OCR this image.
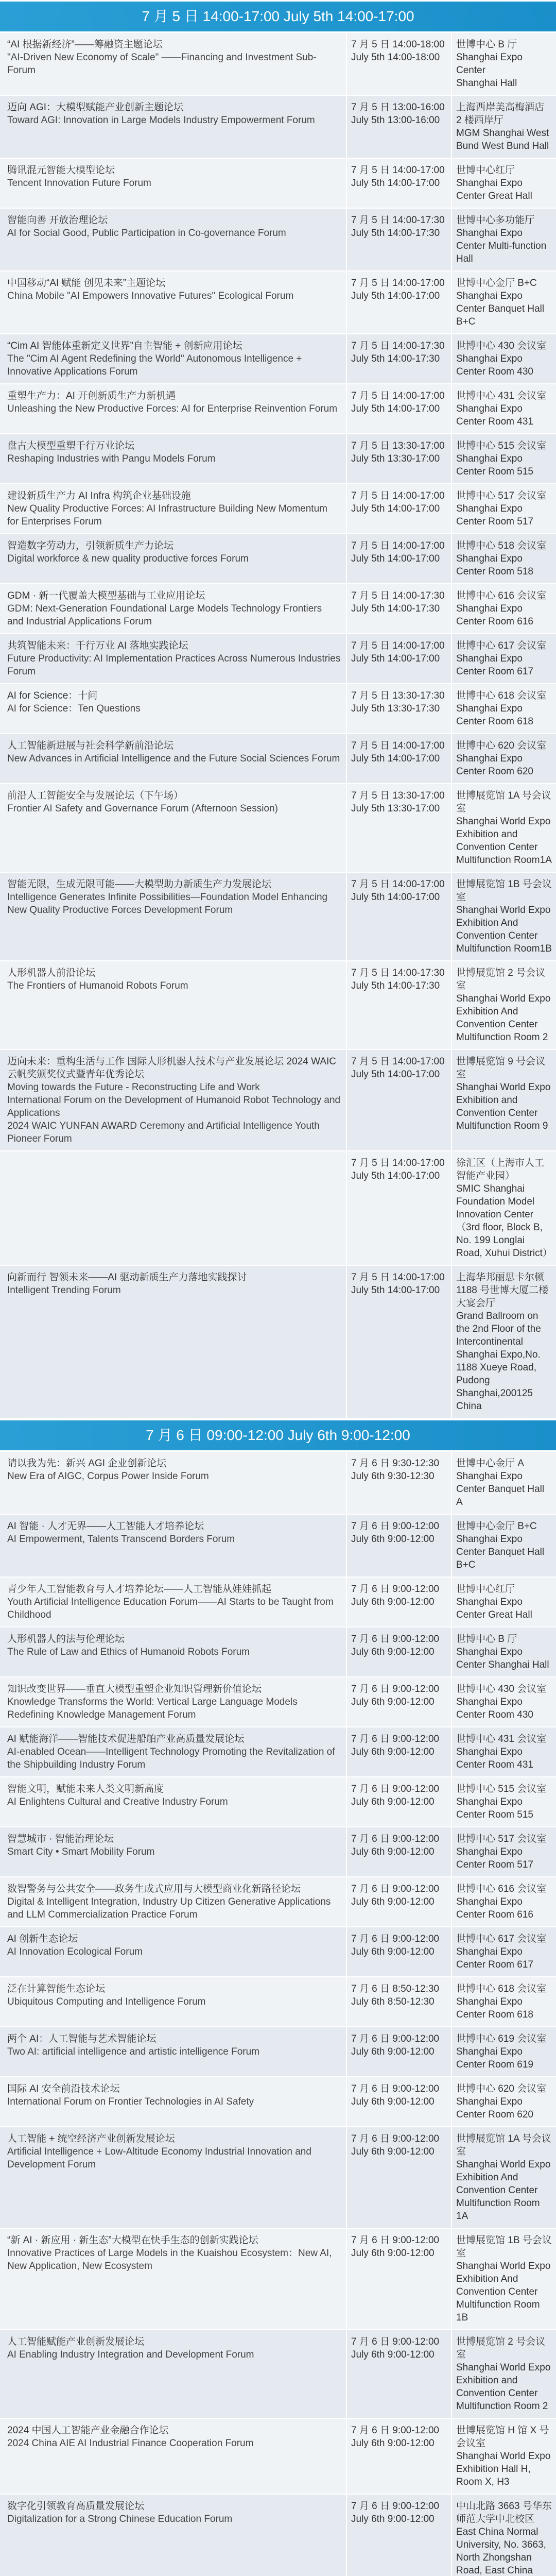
7 月 5 日 14:00-17:00 July 5th 14:00-17:00
“AI 根据新经济”——筹融资主题论坛
"AI-Driven New Economy of Scale" ——Financing and Investment Sub-Forum
7 月 5 日 14:00-18:00
July 5th 14:00-18:00
世博中心 B 厅
Shanghai Expo Center
Shanghai Hall
迈向 AGI：大模型赋能产业创新主题论坛
Toward AGI: Innovation in Large Models Industry Empowerment Forum
7 月 5 日 13:00-16:00
July 5th 13:00-16:00
上海西岸美高梅酒店 2 楼西岸厅
MGM Shanghai West Bund West Bund Hall
腾讯混元智能大模型论坛
Tencent Innovation Future Forum
7 月 5 日 14:00-17:00
July 5th 14:00-17:00
世博中心红厅
Shanghai Expo Center Great Hall
智能向善 开放治理论坛
AI for Social Good, Public Participation in Co-governance Forum
7 月 5 日 14:00-17:30
July 5th 14:00-17:30
世博中心多功能厅
Shanghai Expo Center Multi-function Hall
中国移动“AI 赋能 创见未来”主题论坛
China Mobile "AI Empowers Innovative Futures" Ecological Forum
7 月 5 日 14:00-17:00
July 5th 14:00-17:00
世博中心金厅 B+C
Shanghai Expo Center Banquet Hall B+C
“Cim AI 智能体重新定义世界”自主智能 + 创新应用论坛
The "Cim AI Agent Redefining the World" Autonomous Intelligence + Innovative Applications Forum
7 月 5 日 14:00-17:30
July 5th 14:00-17:30
世博中心 430 会议室
Shanghai Expo Center Room 430
重塑生产力：AI 开创新质生产力新机遇
Unleashing the New Productive Forces: AI for Enterprise Reinvention Forum
7 月 5 日 14:00-17:00
July 5th 14:00-17:00
世博中心 431 会议室
Shanghai Expo Center Room 431
盘古大模型重塑千行万业论坛
Reshaping Industries with Pangu Models Forum
7 月 5 日 13:30-17:00
July 5th 13:30-17:00
世博中心 515 会议室
Shanghai Expo Center Room 515
建设新质生产力 AI Infra 构筑企业基础设施
New Quality Productive Forces: AI Infrastructure Building New Momentum for Enterprises Forum
7 月 5 日 14:00-17:00
July 5th 14:00-17:00
世博中心 517 会议室
Shanghai Expo Center Room 517
智造数字劳动力，引领新质生产力论坛
Digital workforce & new quality productive forces Forum
7 月 5 日 14:00-17:00
July 5th 14:00-17:00
世博中心 518 会议室
Shanghai Expo Center Room 518
GDM · 新一代覆盖大模型基础与工业应用论坛
GDM: Next-Generation Foundational Large Models Technology Frontiers and Industrial Applications Forum
7 月 5 日 14:00-17:30
July 5th 14:00-17:30
世博中心 616 会议室
Shanghai Expo Center Room 616
共筑智能未来：千行万业 AI 落地实践论坛
Future Productivity: AI Implementation Practices Across Numerous Industries Forum
7 月 5 日 14:00-17:00
July 5th 14:00-17:00
世博中心 617 会议室
Shanghai Expo Center Room 617
AI for Science：十问
AI for Science：Ten Questions
7 月 5 日 13:30-17:30
July 5th 13:30-17:30
世博中心 618 会议室
Shanghai Expo Center Room 618
人工智能新进展与社会科学新前沿论坛
New Advances in Artificial Intelligence and the Future Social Sciences Forum
7 月 5 日 14:00-17:00
July 5th 14:00-17:00
世博中心 620 会议室
Shanghai Expo Center Room 620
前沿人工智能安全与发展论坛（下午场）
Frontier AI Safety and Governance Forum (Afternoon Session)
7 月 5 日 13:30-17:00
July 5th 13:30-17:00
世博展览馆 1A 号会议室
Shanghai World Expo Exhibition and Convention Center Multifunction Room1A
智能无限，生成无限可能——大模型助力新质生产力发展论坛
Intelligence Generates Infinite Possibilities—Foundation Model Enhancing New Quality Productive Forces Development Forum
7 月 5 日 14:00-17:00
July 5th 14:00-17:00
世博展览馆 1B 号会议室
Shanghai World Expo Exhibition And Convention Center Multifunction Room1B
人形机器人前沿论坛
The Frontiers of Humanoid Robots Forum
7 月 5 日 14:00-17:30
July 5th 14:00-17:30
世博展览馆 2 号会议室
Shanghai World Expo Exhibition And Convention Center Multifunction Room 2
迈向未来：重构生活与工作 国际人形机器人技术与产业发展论坛 2024 WAIC 云帆奖颁奖仪式暨青年优秀论坛
Moving towards the Future - Reconstructing Life and Work
International Forum on the Development of Humanoid Robot Technology and Applications
2024 WAIC YUNFAN AWARD Ceremony and Artificial Intelligence Youth Pioneer Forum
7 月 5 日 14:00-17:00
July 5th 14:00-17:00
世博展览馆 9 号会议室
Shanghai World Expo Exhibition and Convention Center Multifunction Room 9
7 月 5 日 14:00-17:00
July 5th 14:00-17:00
徐汇区（上海市人工智能产业园）
SMIC Shanghai Foundation Model Innovation Center
（3rd floor, Block B, No. 199 Longlai Road, Xuhui District）
向新而行 智领未来——AI 驱动新质生产力落地实践探讨
Intelligent Trending Forum
7 月 5 日 14:00-17:00
July 5th 14:00-17:00
上海华邦丽思卡尔顿 1188 号世博大厦二楼大宴会厅
Grand Ballroom on the 2nd Floor of the Intercontinental Shanghai Expo,No. 1188 Xueye Road, Pudong Shanghai,200125 China
7 月 6 日 09:00-12:00 July 6th 9:00-12:00
请以我为先：新兴 AGI 企业创新论坛
New Era of AIGC, Corpus Power Inside Forum
7 月 6 日 9:30-12:30
July 6th 9:30-12:30
世博中心金厅 A
Shanghai Expo Center Banquet Hall A
AI 智能 · 人才无界——人工智能人才培养论坛
AI Empowerment, Talents Transcend Borders Forum
7 月 6 日 9:00-12:00
July 6th 9:00-12:00
世博中心金厅 B+C
Shanghai Expo Center Banquet Hall B+C
青少年人工智能教育与人才培养论坛——人工智能从娃娃抓起
Youth Artificial Intelligence Education Forum——AI Starts to be Taught from Childhood
7 月 6 日 9:00-12:00
July 6th 9:00-12:00
世博中心红厅
Shanghai Expo Center Great Hall
人形机器人的法与伦理论坛
The Rule of Law and Ethics of Humanoid Robots Forum
7 月 6 日 9:00-12:00
July 6th 9:00-12:00
世博中心 B 厅
Shanghai Expo Center Shanghai Hall
知识改变世界——垂直大模型重塑企业知识管理新价值论坛
Knowledge Transforms the World: Vertical Large Language Models Redefining Knowledge Management Forum
7 月 6 日 9:00-12:00
July 6th 9:00-12:00
世博中心 430 会议室
Shanghai Expo Center Room 430
AI 赋能海洋——智能技术促进船舶产业高质量发展论坛
AI-enabled Ocean——Intelligent Technology Promoting the Revitalization of the Shipbuilding Industry Forum
7 月 6 日 9:00-12:00
July 6th 9:00-12:00
世博中心 431 会议室
Shanghai Expo Center Room 431
智能文明，赋能未来人类文明新高度
AI Enlightens Cultural and Creative Industry Forum
7 月 6 日 9:00-12:00
July 6th 9:00-12:00
世博中心 515 会议室
Shanghai Expo Center Room 515
智慧城市 · 智能治理论坛
Smart City • Smart Mobility Forum
7 月 6 日 9:00-12:00
July 6th 9:00-12:00
世博中心 517 会议室
Shanghai Expo Center Room 517
数智警务与公共安全——政务生成式应用与大模型商业化新路径论坛
Digital & Intelligent Integration, Industry Up Citizen Generative Applications and LLM Commercialization Practice Forum
7 月 6 日 9:00-12:00
July 6th 9:00-12:00
世博中心 616 会议室
Shanghai Expo Center Room 616
AI 创新生态论坛
AI Innovation Ecological Forum
7 月 6 日 9:00-12:00
July 6th 9:00-12:00
世博中心 617 会议室
Shanghai Expo Center Room 617
泛在计算智能生态论坛
Ubiquitous Computing and Intelligence Forum
7 月 6 日 8:50-12:30
July 6th 8:50-12:30
世博中心 618 会议室
Shanghai Expo Center Room 618
两个 AI：人工智能与艺术智能论坛
Two AI: artificial intelligence and artistic intelligence Forum
7 月 6 日 9:00-12:00
July 6th 9:00-12:00
世博中心 619 会议室
Shanghai Expo Center Room 619
国际 AI 安全前沿技术论坛
International Forum on Frontier Technologies in AI Safety
7 月 6 日 9:00-12:00
July 6th 9:00-12:00
世博中心 620 会议室
Shanghai Expo Center Room 620
人工智能 + 统空经济产业创新发展论坛
Artificial Intelligence + Low-Altitude Economy Industrial Innovation and Development Forum
7 月 6 日 9:00-12:00
July 6th 9:00-12:00
世博展览馆 1A 号会议室
Shanghai World Expo Exhibition And Convention Center Multifunction Room 1A
“新 AI · 新应用 · 新生态”大模型在快手生态的创新实践论坛
Innovative Practices of Large Models in the Kuaishou Ecosystem：New AI, New Application, New Ecosystem
7 月 6 日 9:00-12:00
July 6th 9:00-12:00
世博展览馆 1B 号会议室
Shanghai World Expo Exhibition And Convention Center Multifunction Room 1B
人工智能赋能产业创新发展论坛
AI Enabling Industry Integration and Development Forum
7 月 6 日 9:00-12:00
July 6th 9:00-12:00
世博展览馆 2 号会议室
Shanghai World Expo Exhibition and Convention Center Multifunction Room 2
2024 中国人工智能产业金融合作论坛
2024 China AIE AI Industrial Finance Cooperation Forum
7 月 6 日 9:00-12:00
July 6th 9:00-12:00
世博展览馆 H 馆 X 号会议室
Shanghai World Expo Exhibition Hall H, Room X, H3
数字化引领教育高质量发展论坛
Digitalization for a Strong Chinese Education Forum
7 月 6 日 9:00-12:00
July 6th 9:00-12:00
中山北路 3663 号华东师范大学中北校区
East China Normal University, No. 3663, North Zhongshan Road, East China
